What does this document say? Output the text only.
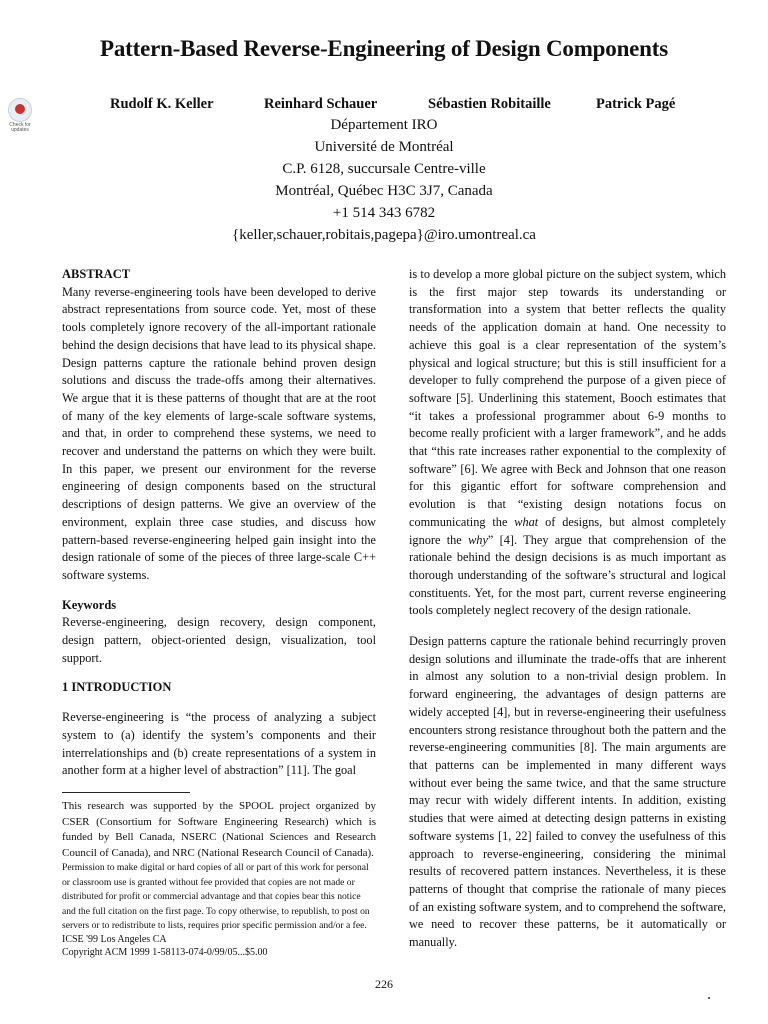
Check for updates
Pattern-Based Reverse-Engineering of Design Components
Rudolf K. Keller	Reinhard Schauer	Sébastien Robitaille	Patrick Pagé
Département IRO
Université de Montréal
C.P. 6128, succursale Centre-ville
Montréal, Québec H3C 3J7, Canada
+1 514 343 6782
{keller,schauer,robitais,pagepa}@iro.umontreal.ca

ABSTRACT

Many reverse-engineering tools have been developed to derive abstract representations from source code. Yet, most of these tools completely ignore recovery of the all-important rationale behind the design decisions that have lead to its physical shape. Design patterns capture the rationale behind proven design solutions and discuss the trade-offs among their alternatives. We argue that it is these patterns of thought that are at the root of many of the key elements of large-scale software systems, and that, in order to comprehend these systems, we need to recover and understand the patterns on which they were built. In this paper, we present our environment for the reverse engineering of design components based on the structural descriptions of design patterns. We give an overview of the environment, explain three case studies, and discuss how pattern-based reverse-engineering helped gain insight into the design rationale of some of the pieces of three large-scale C++ software systems.

Keywords

Reverse-engineering, design recovery, design component, design pattern, object-oriented design, visualization, tool support.

1 INTRODUCTION

Reverse-engineering is “the process of analyzing a subject system to (a) identify the system’s components and their interrelationships and (b) create representations of a system in another form at a higher level of abstraction” [11]. The goal

This research was supported by the SPOOL project organized by CSER (Consortium for Software Engineering Research) which is funded by Bell Canada, NSERC (National Sciences and Research Council of Canada), and NRC (National Research Council of Canada).

Permission to make digital or hard copies of all or part of this work for personal or classroom use is granted without fee provided that copies are not made or distributed for profit or commercial advantage and that copies bear this notice and the full citation on the first page. To copy otherwise, to republish, to post on servers or to redistribute to lists, requires prior specific permission and/or a fee.

ICSE '99 Los Angeles CA

Copyright ACM 1999 1-58113-074-0/99/05...$5.00

is to develop a more global picture on the subject system, which is the first major step towards its understanding or transformation into a system that better reflects the quality needs of the application domain at hand. One necessity to achieve this goal is a clear representation of the system’s physical and logical structure; but this is still insufficient for a developer to fully comprehend the purpose of a given piece of software [5]. Underlining this statement, Booch estimates that “it takes a professional programmer about 6-9 months to become really proficient with a larger framework”, and he adds that “this rate increases rather exponential to the complexity of software” [6]. We agree with Beck and Johnson that one reason for this gigantic effort for software comprehension and evolution is that “existing design notations focus on communicating the what of designs, but almost completely ignore the why” [4]. They argue that comprehension of the rationale behind the design decisions is as much important as thorough understanding of the software’s structural and logical constituents. Yet, for the most part, current reverse engineering tools completely neglect recovery of the design rationale.

Design patterns capture the rationale behind recurringly proven design solutions and illuminate the trade-offs that are inherent in almost any solution to a non-trivial design problem. In forward engineering, the advantages of design patterns are widely accepted [4], but in reverse-engineering their usefulness encounters strong resistance throughout both the pattern and the reverse-engineering communities [8]. The main arguments are that patterns can be implemented in many different ways without ever being the same twice, and that the same structure may recur with widely different intents. In addition, existing studies that were aimed at detecting design patterns in existing software systems [1, 22] failed to convey the usefulness of this approach to reverse-engineering, considering the minimal results of recovered pattern instances. Nevertheless, it is these patterns of thought that comprise the rationale of many pieces of an existing software system, and to comprehend the software, we need to recover these patterns, be it automatically or manually.

226
